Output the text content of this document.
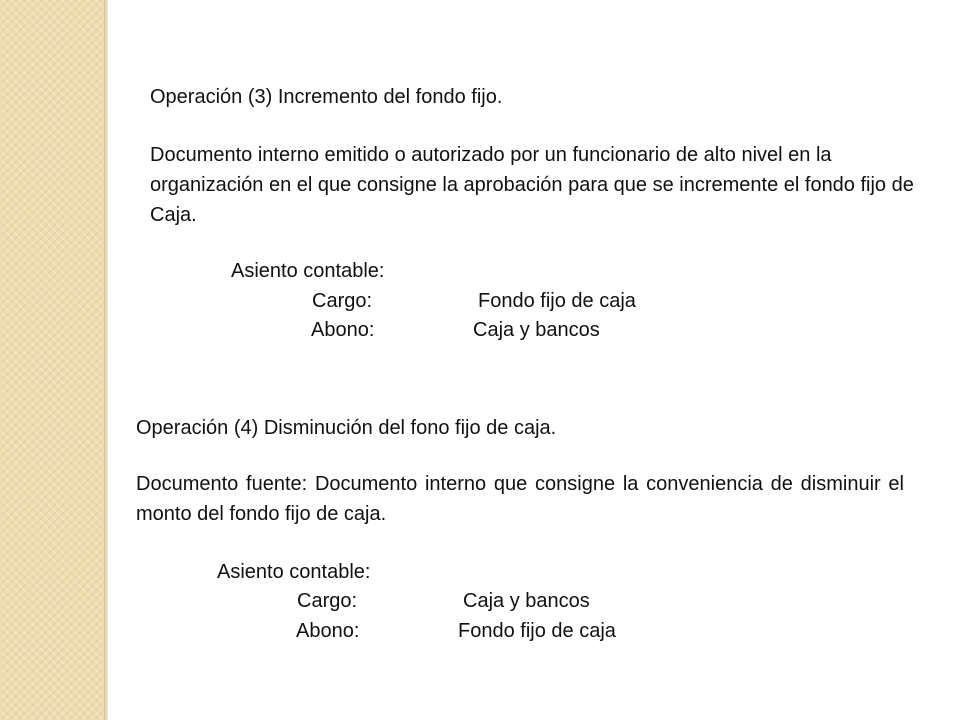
Operación (3) Incremento del fondo fijo.

Documento interno emitido o autorizado por un funcionario de alto nivel en la organización en el que consigne la aprobación para que se incremente el fondo fijo de Caja.

Asiento contable:

Cargo:	Fondo fijo de caja

Abono:	Caja y bancos

Operación (4) Disminución del fono fijo de caja.

Documento fuente: Documento interno que consigne la conveniencia de disminuir el monto del fondo fijo de caja.

Asiento contable:

Cargo:	Caja y bancos

Abono:	Fondo fijo de caja
